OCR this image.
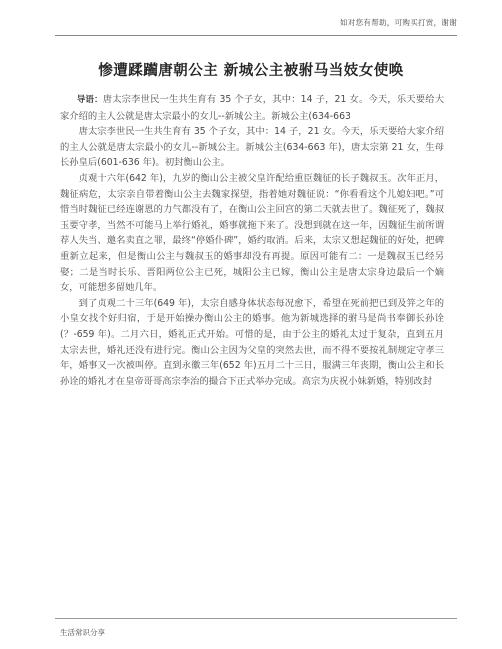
如对您有帮助，可购买打赏，谢谢
惨遭蹂躏唐朝公主 新城公主被驸马当妓女使唤

导语：唐太宗李世民一生共生育有 35 个子女，其中：14 子，21 女。今天，乐天要给大家介绍的主人公就是唐太宗最小的女儿--新城公主。新城公主(634-663

唐太宗李世民一生共生育有 35 个子女，其中：14 子，21 女。今天，乐天要给大家介绍的主人公就是唐太宗最小的女儿--新城公主。新城公主(634-663 年)，唐太宗第 21 女，生母长孙皇后(601-636 年)。初封衡山公主。

贞观十六年(642 年)，九岁的衡山公主被父皇许配给重臣魏征的长子魏叔玉。次年正月，魏征病危，太宗亲自带着衡山公主去魏家探望，指着她对魏征说：“你看看这个儿媳妇吧。”可惜当时魏征已经连谢恩的力气都没有了，在衡山公主回宫的第二天就去世了。魏征死了，魏叔玉要守孝，当然不可能马上举行婚礼，婚事就拖下来了。没想到就在这一年，因魏征生前所谓荐人失当、邀名卖直之罪，最终“停婚仆碑”，婚约取消。后来，太宗又想起魏征的好处，把碑重新立起来，但是衡山公主与魏叔玉的婚事却没有再提。原因可能有二：一是魏叔玉已经另娶；二是当时长乐、晋阳两位公主已死，城阳公主已嫁，衡山公主是唐太宗身边最后一个嫡女，可能想多留她几年。

到了贞观二十三年(649 年)，太宗自感身体状态每况愈下，希望在死前把已到及笄之年的小皇女找个好归宿，于是开始操办衡山公主的婚事。他为新城选择的驸马是尚书奉御长孙诠(？-659 年)。二月六日，婚礼正式开始。可惜的是，由于公主的婚礼太过于复杂，直到五月太宗去世，婚礼还没有进行完。衡山公主因为父皇的突然去世，而不得不要按礼制规定守孝三年，婚事又一次被叫停。直到永徽三年(652 年)五月二十三日，服满三年丧期，衡山公主和长孙诠的婚礼才在皇帝哥哥高宗李治的撮合下正式举办完成。高宗为庆祝小妹新婚，特别改封

生活常识分享
